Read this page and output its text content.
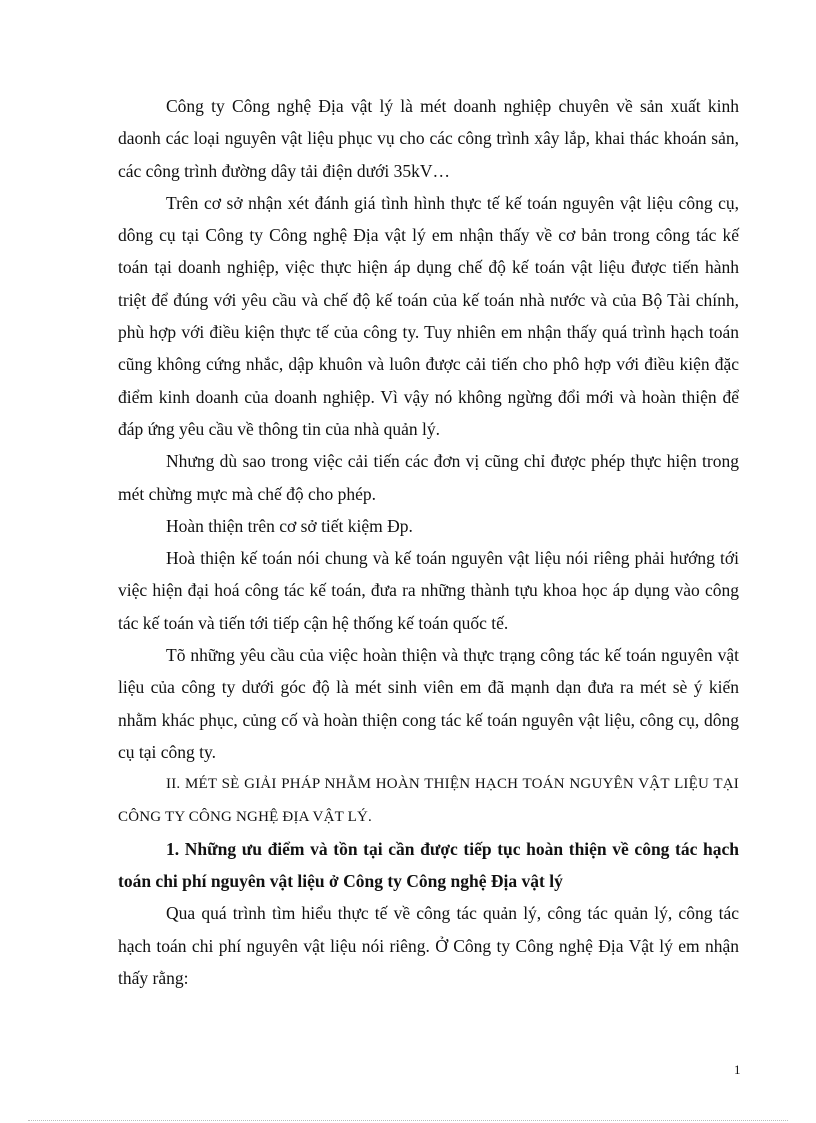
Công ty Công nghệ Địa vật lý là mét doanh nghiệp chuyên về sản xuất kinh daonh các loại nguyên vật liệu phục vụ cho các công trình xây lắp, khai thác khoán sản, các công trình đường dây tải điện dưới 35kV…

Trên cơ sở nhận xét đánh giá tình hình thực tế kế toán nguyên vật liệu công cụ, dông cụ tại Công ty Công nghệ Địa vật lý em nhận thấy về cơ bản trong công tác kế toán tại doanh nghiệp, việc thực hiện áp dụng chế độ kế toán vật liệu được tiến hành triệt để đúng với yêu cầu và chế độ kế toán của kế toán nhà nước và của Bộ Tài chính, phù hợp với điều kiện thực tế của công ty. Tuy nhiên em nhận thấy quá trình hạch toán cũng không cứng nhắc, dập khuôn và luôn được cải tiến cho phô hợp với điều kiện đặc điểm kinh doanh của doanh nghiệp. Vì vậy nó không ngừng đổi mới và hoàn thiện để đáp ứng yêu cầu về thông tin của nhà quản lý.

Nhưng dù sao trong việc cải tiến các đơn vị cũng chỉ được phép thực hiện trong mét chừng mực mà chế độ cho phép.

Hoàn thiện trên cơ sở tiết kiệm Đp.

Hoà thiện kế toán nói chung và kế toán nguyên vật liệu nói riêng phải hướng tới việc hiện đại hoá công tác kế toán, đưa ra những thành tựu khoa học áp dụng vào công tác kế toán và tiến tới tiếp cận hệ thống kế toán quốc tế.

Tõ những yêu cầu của việc hoàn thiện và thực trạng công tác kế toán nguyên vật liệu của công ty dưới góc độ là mét sinh viên em đã mạnh dạn đưa ra mét sè ý kiến nhằm khác phục, củng cố và hoàn thiện cong tác kế toán nguyên vật liệu, công cụ, dông cụ tại công ty.

II. MÉT SÈ GIẢI PHÁP NHẰM HOÀN THIỆN HẠCH TOÁN NGUYÊN VẬT LIỆU TẠI CÔNG TY CÔNG NGHỆ ĐỊA VẬT LÝ.

1. Những ưu điểm và tồn tại cần được tiếp tục hoàn thiện về công tác hạch toán chi phí nguyên vật liệu ở Công ty Công nghệ Địa vật lý

Qua quá trình tìm hiểu thực tế về công tác quản lý, công tác quản lý, công tác hạch toán chi phí nguyên vật liệu nói riêng. Ở Công ty Công nghệ Địa Vật lý em nhận thấy rằng:

1
